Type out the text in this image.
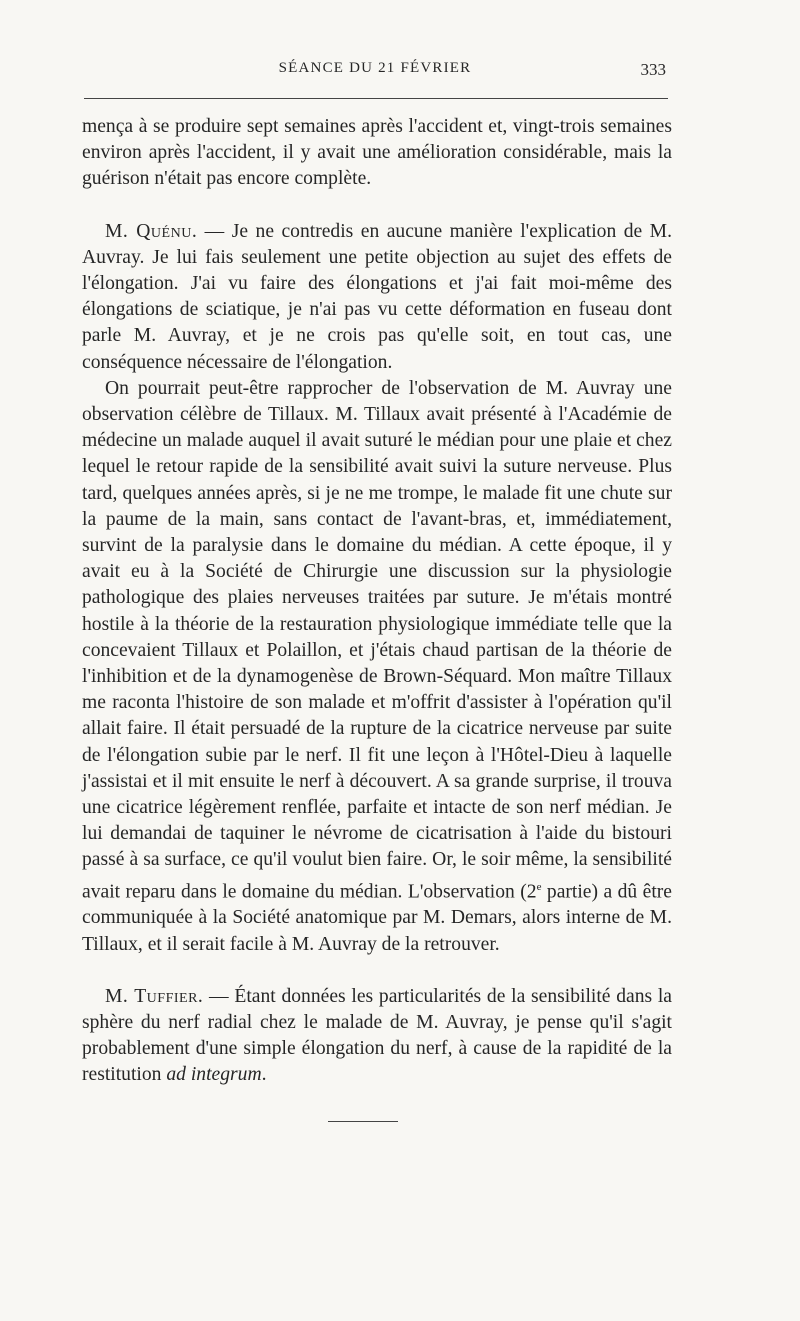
SÉANCE DU 21 FÉVRIER	333

mença à se produire sept semaines après l'accident et, vingt-trois semaines environ après l'accident, il y avait une amélioration considérable, mais la guérison n'était pas encore complète.

M. Quénu. — Je ne contredis en aucune manière l'explication de M. Auvray. Je lui fais seulement une petite objection au sujet des effets de l'élongation. J'ai vu faire des élongations et j'ai fait moi-même des élongations de sciatique, je n'ai pas vu cette déformation en fuseau dont parle M. Auvray, et je ne crois pas qu'elle soit, en tout cas, une conséquence nécessaire de l'élongation.

On pourrait peut-être rapprocher de l'observation de M. Auvray une observation célèbre de Tillaux. M. Tillaux avait présenté à l'Académie de médecine un malade auquel il avait suturé le médian pour une plaie et chez lequel le retour rapide de la sensibilité avait suivi la suture nerveuse. Plus tard, quelques années après, si je ne me trompe, le malade fit une chute sur la paume de la main, sans contact de l'avant-bras, et, immédiatement, survint de la paralysie dans le domaine du médian. A cette époque, il y avait eu à la Société de Chirurgie une discussion sur la physiologie pathologique des plaies nerveuses traitées par suture. Je m'étais montré hostile à la théorie de la restauration physiologique immédiate telle que la concevaient Tillaux et Polaillon, et j'étais chaud partisan de la théorie de l'inhibition et de la dynamogenèse de Brown-Séquard. Mon maître Tillaux me raconta l'histoire de son malade et m'offrit d'assister à l'opération qu'il allait faire. Il était persuadé de la rupture de la cicatrice nerveuse par suite de l'élongation subie par le nerf. Il fit une leçon à l'Hôtel-Dieu à laquelle j'assistai et il mit ensuite le nerf à découvert. A sa grande surprise, il trouva une cicatrice légèrement renflée, parfaite et intacte de son nerf médian. Je lui demandai de taquiner le névrome de cicatrisation à l'aide du bistouri passé à sa surface, ce qu'il voulut bien faire. Or, le soir même, la sensibilité avait reparu dans le domaine du médian. L'observation (2e partie) a dû être communiquée à la Société anatomique par M. Demars, alors interne de M. Tillaux, et il serait facile à M. Auvray de la retrouver.

M. Tuffier. — Étant données les particularités de la sensibilité dans la sphère du nerf radial chez le malade de M. Auvray, je pense qu'il s'agit probablement d'une simple élongation du nerf, à cause de la rapidité de la restitution ad integrum.
